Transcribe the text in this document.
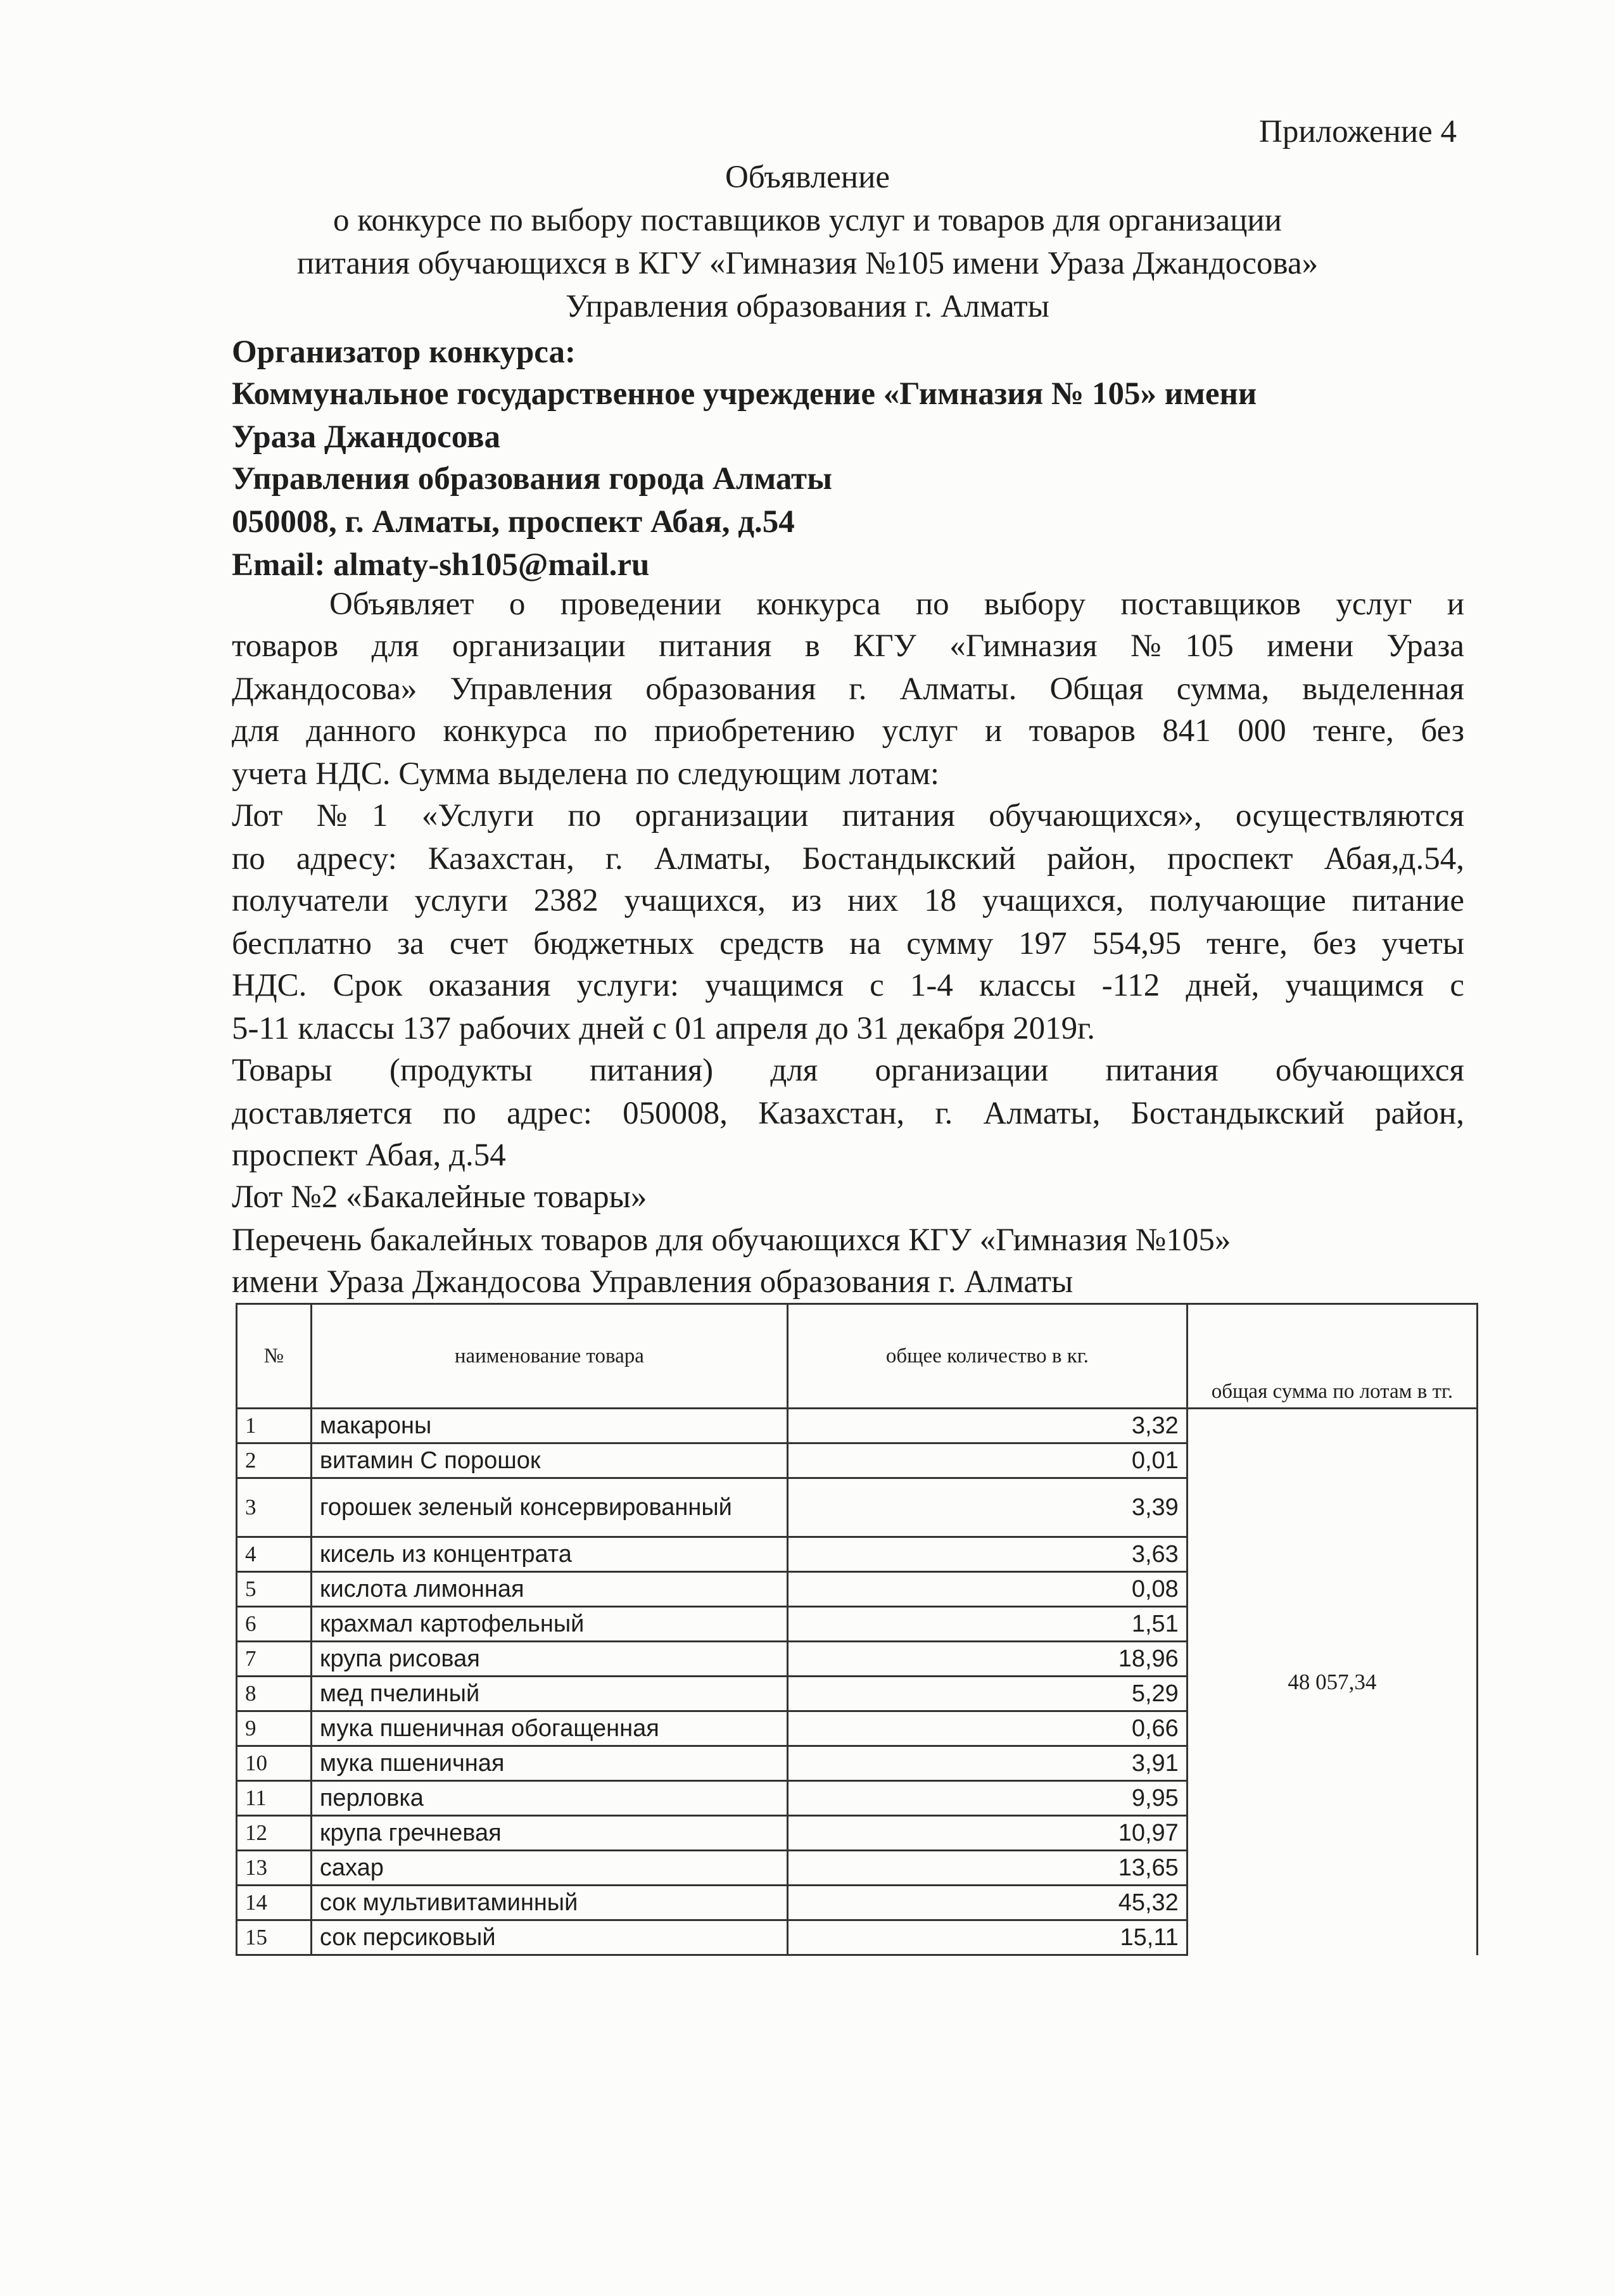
Приложение 4
Объявление
о конкурсе по выбору поставщиков услуг и товаров для организации
питания обучающихся в КГУ «Гимназия №105 имени Ураза Джандосова»
Управления образования г. Алматы
Организатор конкурса:
Коммунальное государственное учреждение «Гимназия № 105» имени
Ураза Джандосова
Управления образования города Алматы
050008, г. Алматы, проспект Абая, д.54
Email: almaty-sh105@mail.ru
Объявляет о проведении конкурса по выбору поставщиков услуг и
товаров для организации питания в КГУ «Гимназия №105 имени Ураза
Джандосова» Управления образования г. Алматы. Общая сумма, выделенная
для данного конкурса по приобретению услуг и товаров 841 000 тенге, без
учета НДС. Сумма выделена по следующим лотам:
Лот №1 «Услуги по организации питания обучающихся», осуществляются
по адресу: Казахстан, г. Алматы, Бостандыкский район, проспект Абая,д.54,
получатели услуги 2382 учащихся, из них 18 учащихся, получающие питание
бесплатно за счет бюджетных средств на сумму 197 554,95 тенге, без учеты
НДС. Срок оказания услуги: учащимся с 1-4 классы -112 дней, учащимся с
5-11 классы 137 рабочих дней с 01 апреля до 31 декабря 2019г.
Товары (продукты питания) для организации питания обучающихся
доставляется по адрес: 050008, Казахстан, г. Алматы, Бостандыкский район,
проспект Абая, д.54
Лот №2 «Бакалейные товары»
Перечень бакалейных товаров для обучающихся КГУ «Гимназия №105»
имени Ураза Джандосова Управления образования г. Алматы
№	наименование товара	общее количество в кг.	общая сумма по лотам в тг.
1	макароны	3,32	48 057,34
2	витамин С порошок	0,01	
3	горошек зеленый консервированный	3,39	
4	кисель из концентрата	3,63	
5	кислота лимонная	0,08	
6	крахмал картофельный	1,51	
7	крупа рисовая	18,96	
8	мед пчелиный	5,29	
9	мука пшеничная обогащенная	0,66	
10	мука пшеничная	3,91	
11	перловка	9,95	
12	крупа гречневая	10,97	
13	сахар	13,65	
14	сок мультивитаминный	45,32	
15	сок персиковый	15,11	
